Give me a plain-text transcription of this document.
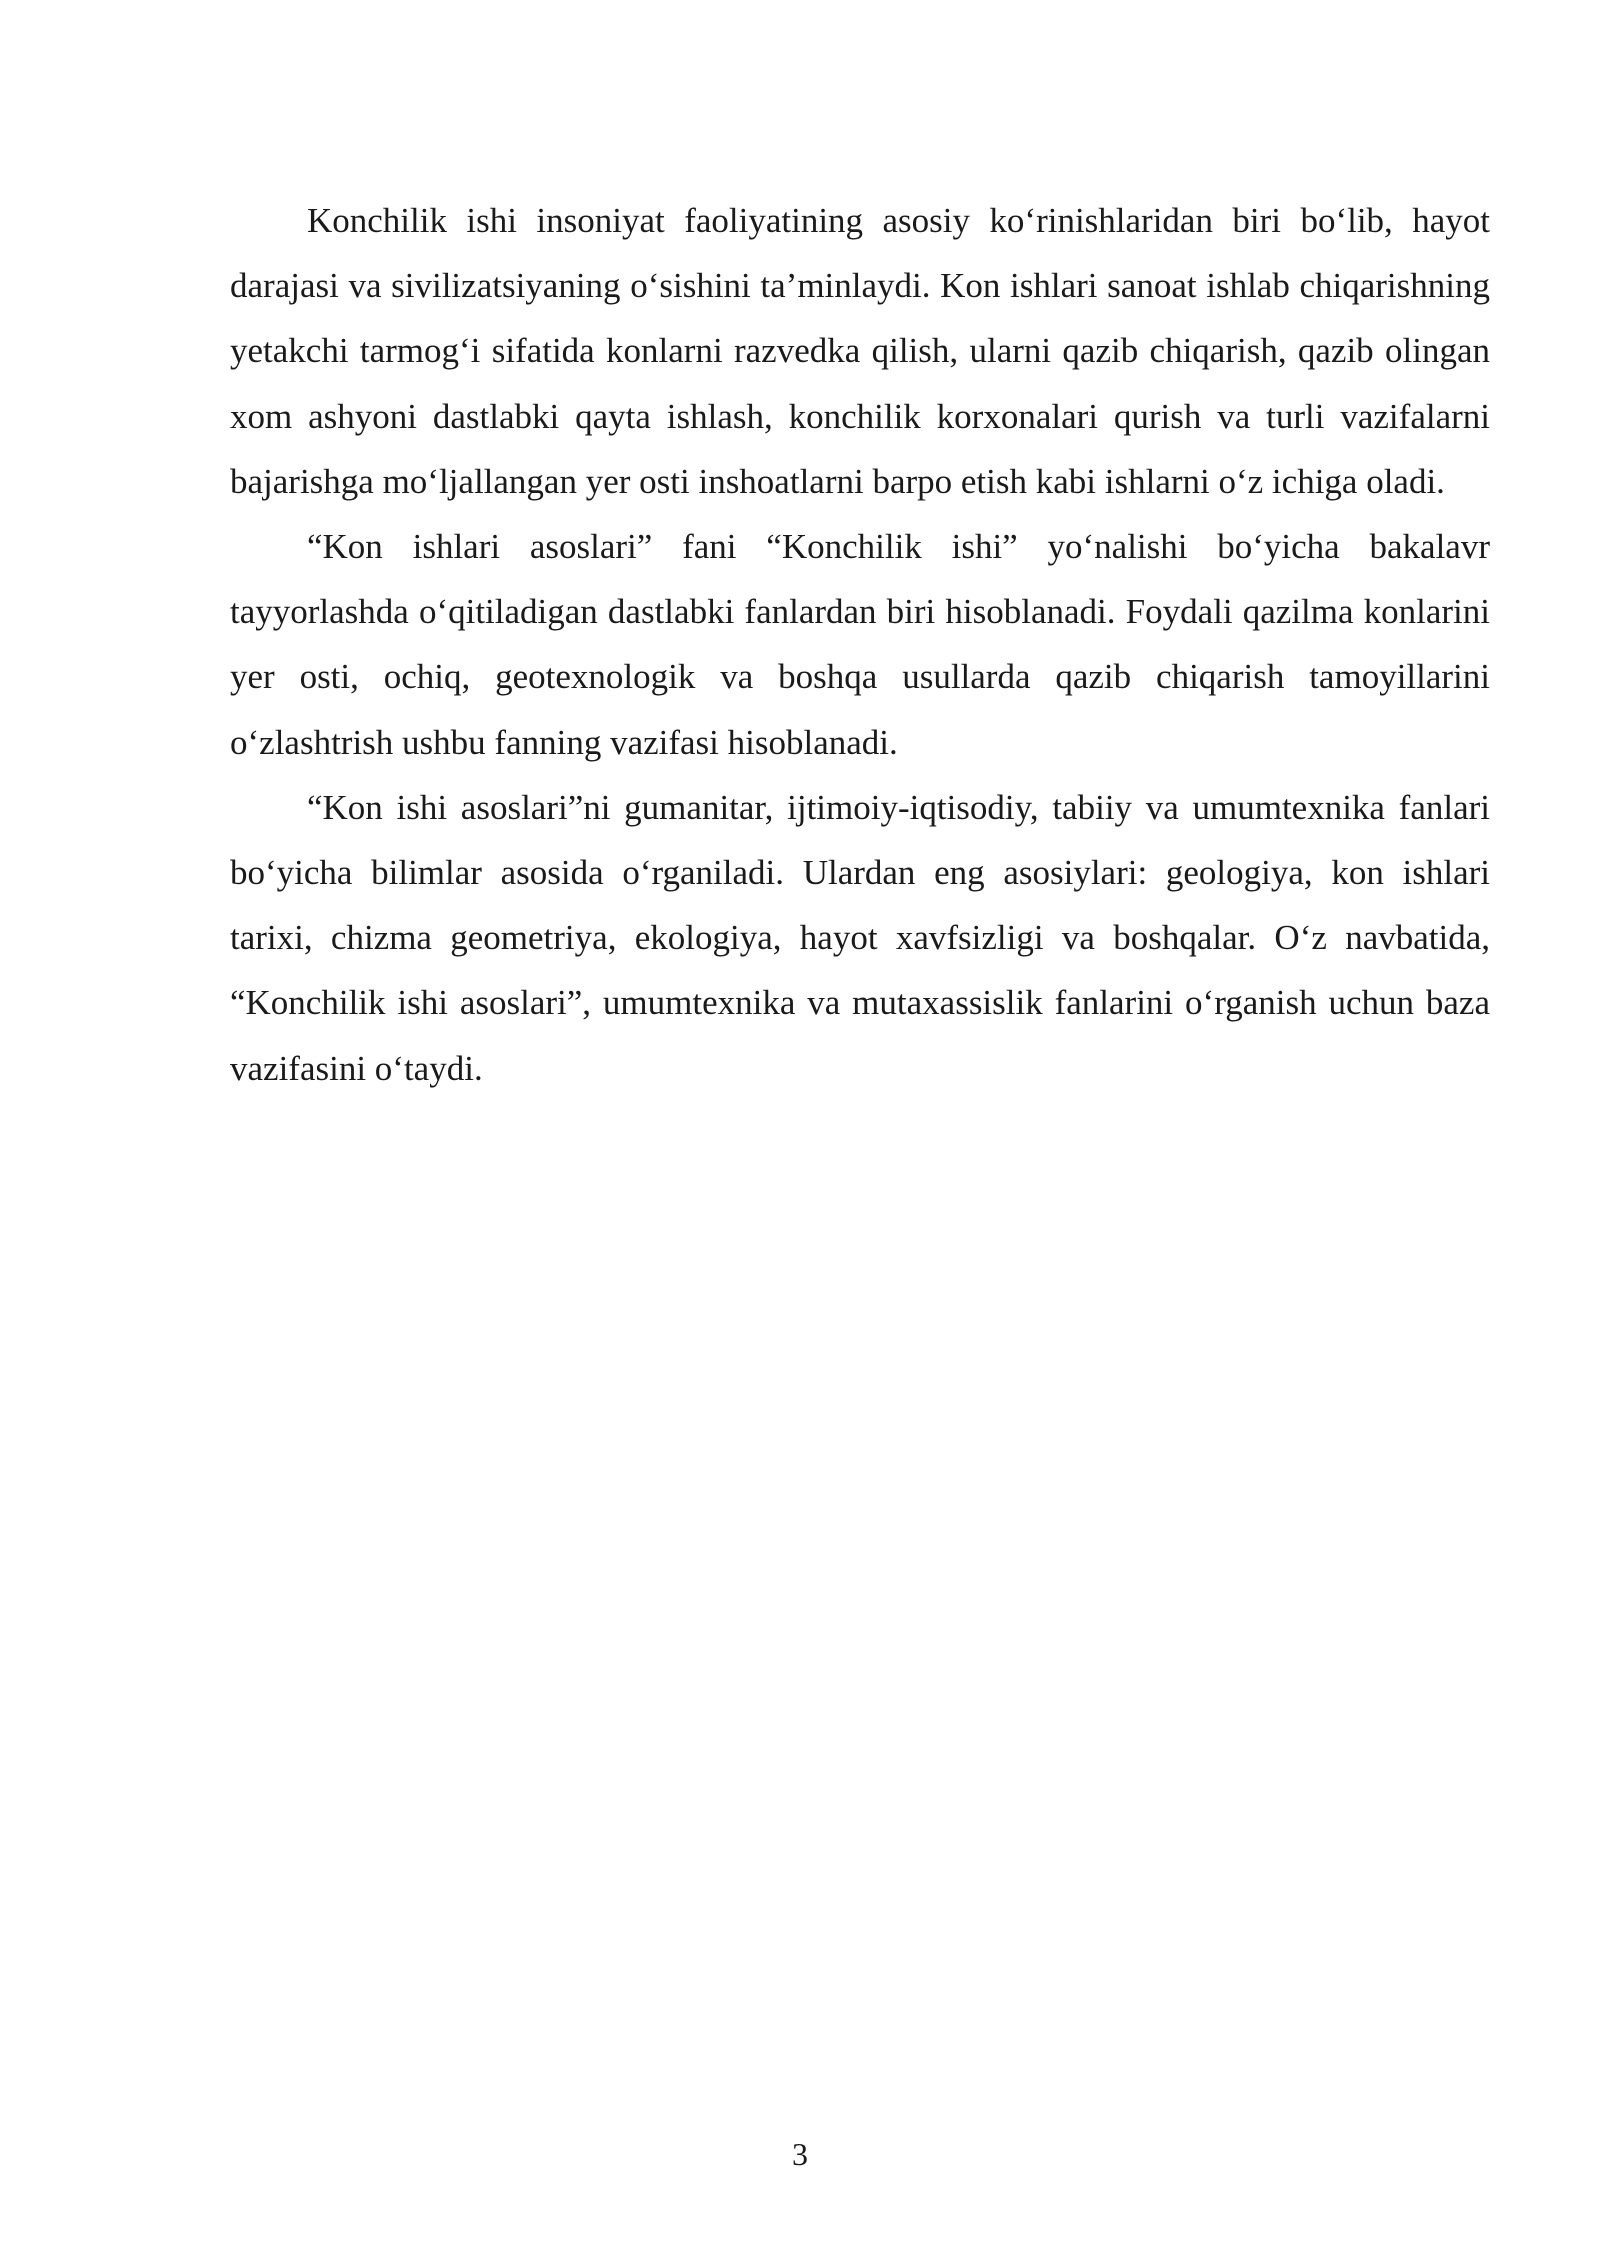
Konchilik ishi insoniyat faoliyatining asosiy ko‘rinishlaridan biri bo‘lib, hayot darajasi va sivilizatsiyaning o‘sishini ta’minlaydi. Kon ishlari sanoat ishlab chiqarishning yetakchi tarmog‘i sifatida konlarni razvedka qilish, ularni qazib chiqarish, qazib olingan xom ashyoni dastlabki qayta ishlash, konchilik korxonalari qurish va turli vazifalarni bajarishga mo‘ljallangan yer osti inshoatlarni barpo etish kabi ishlarni o‘z ichiga oladi.

“Kon ishlari asoslari” fani “Konchilik ishi” yo‘nalishi bo‘yicha bakalavr tayyorlashda o‘qitiladigan dastlabki fanlardan biri hisoblanadi. Foydali qazilma konlarini yer osti, ochiq, geotexnologik va boshqa usullarda qazib chiqarish tamoyillarini o‘zlashtrish ushbu fanning vazifasi hisoblanadi.

“Kon ishi asoslari”ni gumanitar, ijtimoiy-iqtisodiy, tabiiy va umumtexnika fanlari bo‘yicha bilimlar asosida o‘rganiladi. Ulardan eng asosiylari: geologiya, kon ishlari tarixi, chizma geometriya, ekologiya, hayot xavfsizligi va boshqalar. O‘z navbatida, “Konchilik ishi asoslari”, umumtexnika va mutaxassislik fanlarini o‘rganish uchun baza vazifasini o‘taydi.

3
